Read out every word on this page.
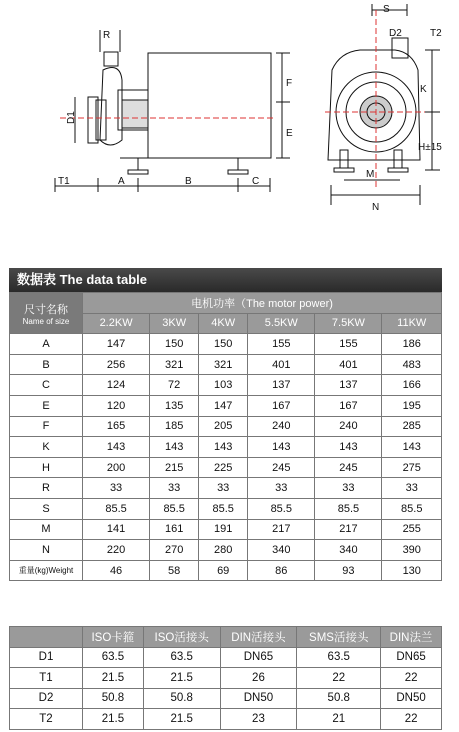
R
D1
T1	A	B	C
F
E
S
D2	T2
K
H±15
M
N
数据表 The data table
尺寸名称
Name of size	电机功率（The motor power)					
	2.2KW	3KW	4KW	5.5KW	7.5KW	11KW
A	147	150	150	155	155	186
B	256	321	321	401	401	483
C	124	72	103	137	137	166
E	120	135	147	167	167	195
F	165	185	205	240	240	285
K	143	143	143	143	143	143
H	200	215	225	245	245	275
R	33	33	33	33	33	33
S	85.5	85.5	85.5	85.5	85.5	85.5
M	141	161	191	217	217	255
N	220	270	280	340	340	390
重量(kg)Weight	46	58	69	86	93	130
	ISO卡箍	ISO活接头	DIN活接头	SMS活接头	DIN法兰
D1	63.5	63.5	DN65	63.5	DN65
T1	21.5	21.5	26	22	22
D2	50.8	50.8	DN50	50.8	DN50
T2	21.5	21.5	23	21	22
